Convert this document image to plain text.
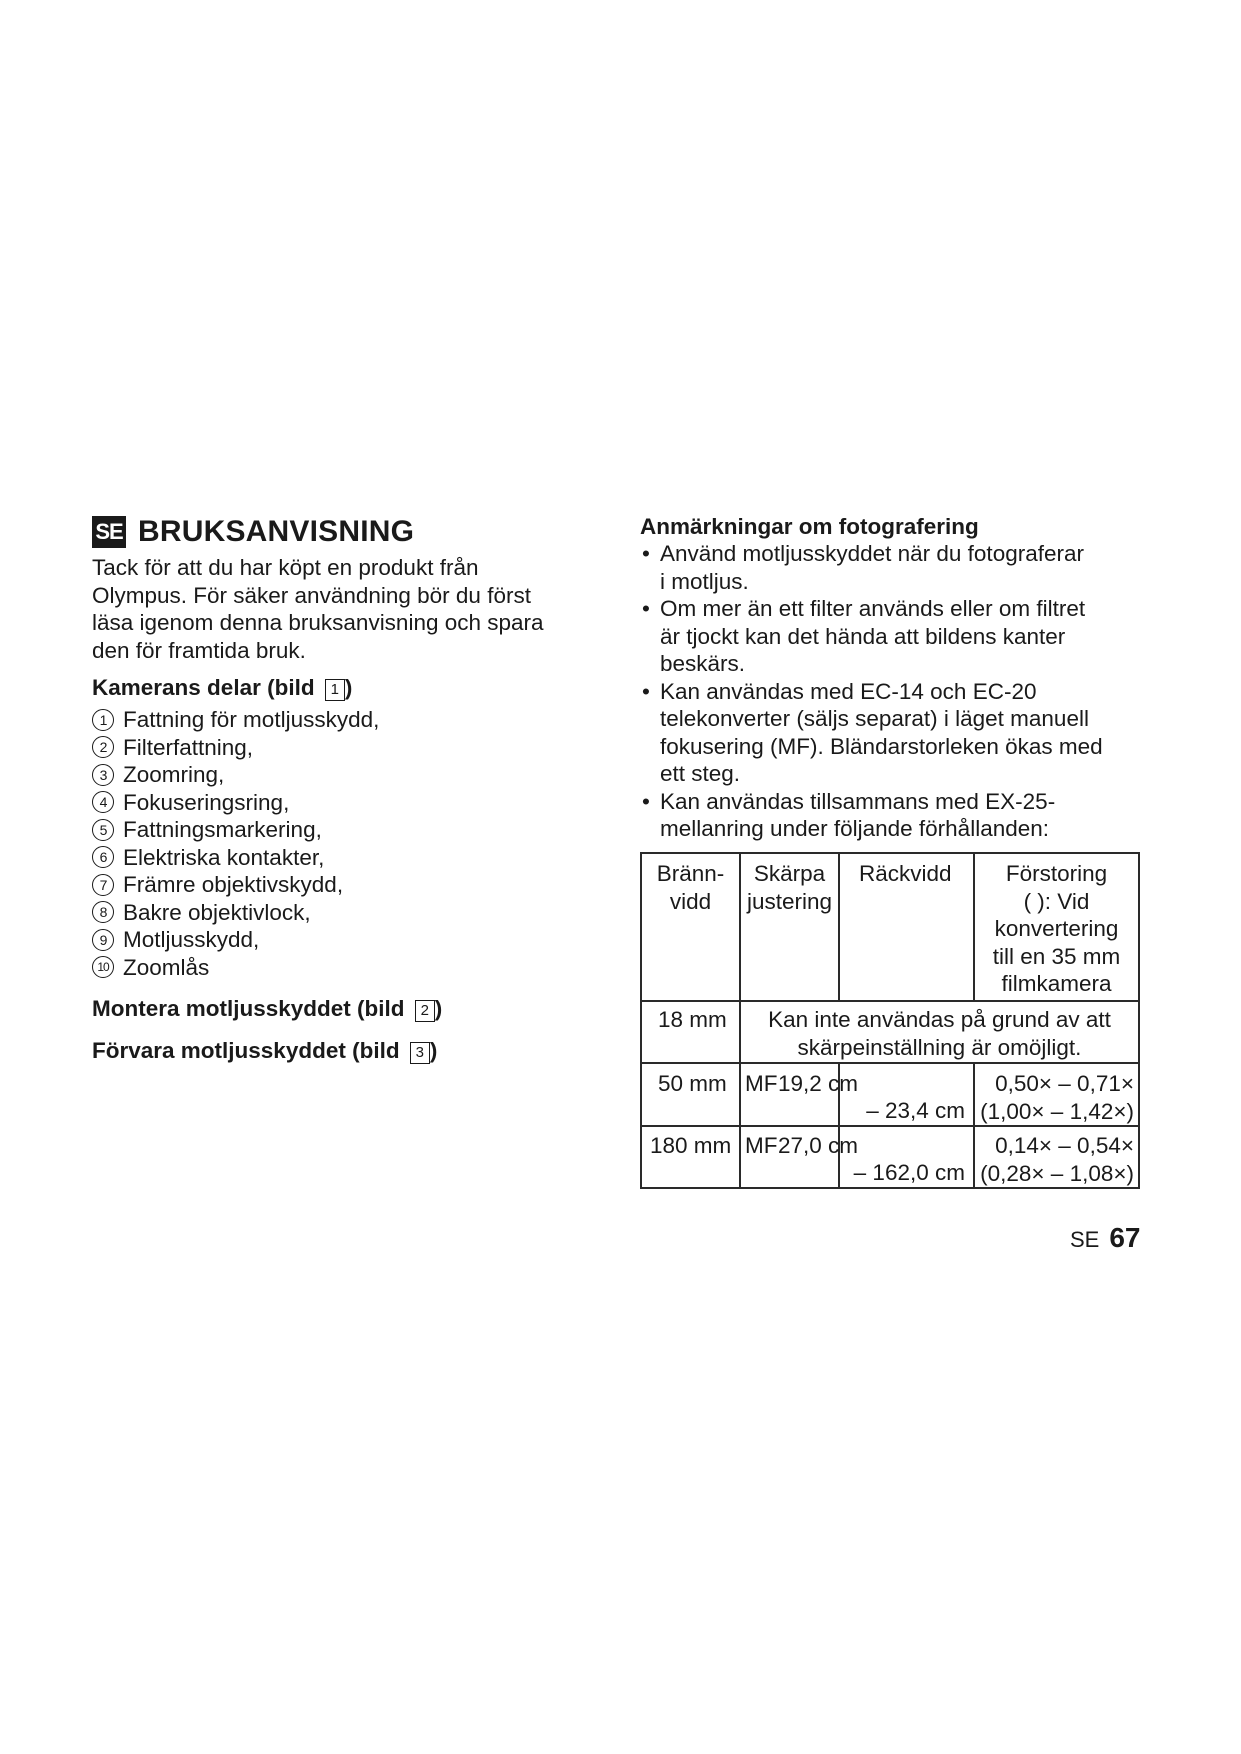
SE BRUKSANVISNING
Tack för att du har köpt en produkt från
Olympus. För säker användning bör du först
läsa igenom denna bruksanvisning och spara
den för framtida bruk.
Kamerans delar (bild 1 )
1 Fattning för motljusskydd,
2 Filterfattning,
3 Zoomring,
4 Fokuseringsring,
5 Fattningsmarkering,
6 Elektriska kontakter,
7 Främre objektivskydd,
8 Bakre objektivlock,
9 Motljusskydd,
10 Zoomlås
Montera motljusskyddet (bild 2 )
Förvara motljusskyddet (bild 3 )
Anmärkningar om fotografering
• Använd motljusskyddet när du fotograferar
i motljus.
• Om mer än ett filter används eller om filtret
är tjockt kan det hända att bildens kanter
beskärs.
• Kan användas med EC-14 och EC-20
telekonverter (säljs separat) i läget manuell
fokusering (MF). Bländarstorleken ökas med
ett steg.
• Kan användas tillsammans med EX-25-
mellanring under följande förhållanden:
Bränn-
vidd
Skärpa
justering
Räckvidd	Förstoring
( ): Vid
konvertering
till en 35 mm
filmkamera
18 mm	Kan inte användas på grund av att
skärpeinställning är omöjligt.
50 mm MF 19,2 cm
– 23,4 cm
0,50× – 0,71×
(1,00× – 1,42×)
180 mm MF 27,0 cm
– 162,0 cm
0,14× – 0,54×
(0,28× – 1,08×)
SE 67
